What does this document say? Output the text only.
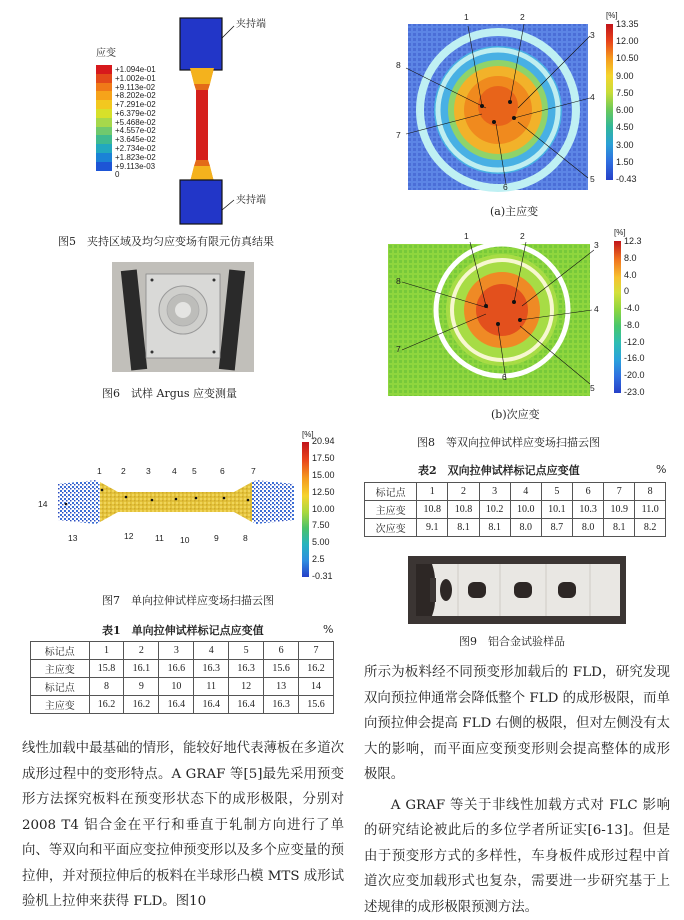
应变
+1.094e-01
+1.002e-01
+9.113e-02
+8.202e-02
+7.291e-02
+6.379e-02
+5.468e-02
+4.557e-02
+3.645e-02
+2.734e-02
+1.823e-02
+9.113e-03
0
夹持端
夹持端
图5　夹持区域及均匀应变场有限元仿真结果
图6　试样 Argus 应变测量
1 2 3	4 5	6	7
13	12	11 10	9	8
14
[%]
20.94
17.50
15.00
12.50
10.00
7.50
5.00
2.5
-0.31
图7　单向拉伸试样应变场扫描云图
表1　单向拉伸试样标记点应变值	%
标记点	1	2	3	4	5	6	7
主应变	15.8	16.1	16.6	16.3	16.3	15.6	16.2
标记点	8	9	10	11	12	13	14
主应变	16.2	16.2	16.4	16.4	16.4	16.3	15.6
1	2
3
4
5
6
7
8
[%]
13.35
12.00
10.50
9.00
7.50
6.00
4.50
3.00
1.50
-0.43
(a)主应变
1	2
3
4
5
6
7
8
[%]
12.3
8.0
4.0
0
-4.0
-8.0
-12.0
-16.0
-20.0
-23.0
(b)次应变
图8　等双向拉伸试样应变场扫描云图
表2　双向拉伸试样标记点应变值	%
标记点	1	2	3	4	5	6	7	8
主应变	10.8	10.8	10.2	10.0	10.1	10.3	10.9	11.0
次应变	9.1	8.1	8.1	8.0	8.7	8.0	8.1	8.2
图9　铝合金试验样品

线性加载中最基础的情形，能较好地代表薄板在多道次成形过程中的变形特点。A GRAF 等[5]最先采用预变形方法探究板料在预变形状态下的成形极限，分别对 2008 T4 铝合金在平行和垂直于轧制方向进行了单向、等双向和平面应变拉伸预变形以及多个应变量的预拉伸，并对预拉伸后的板料在半球形凸模 MTS 成形试验机上拉伸来获得 FLD。图10

所示为板料经不同预变形加载后的 FLD，研究发现双向预拉伸通常会降低整个 FLD 的成形极限，而单向预拉伸会提高 FLD 右侧的极限，但对左侧没有太大的影响，而平面应变预变形则会提高整体的成形极限。

A GRAF 等关于非线性加载方式对 FLC 影响的研究结论被此后的多位学者所证实[6-13]。但是由于预变形方式的多样性，车身板件成形过程中首道次应变加载形式也复杂，需要进一步研究基于上述规律的成形极限预测方法。
